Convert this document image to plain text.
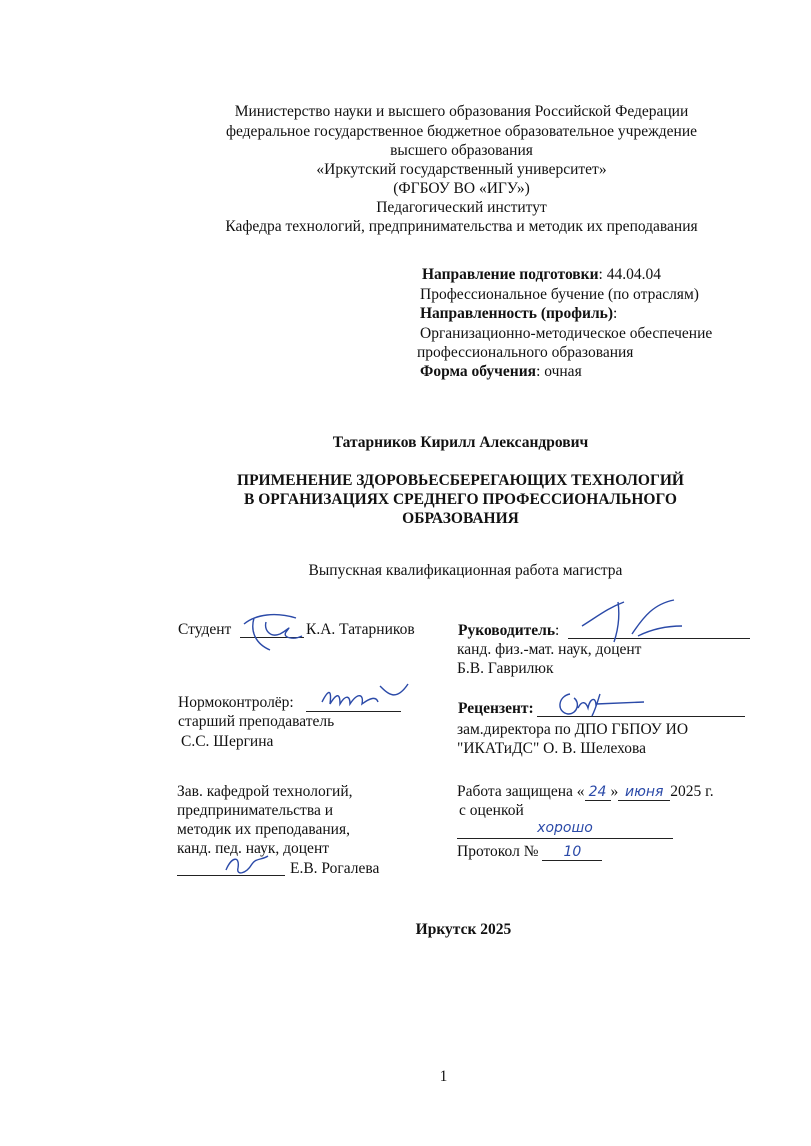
Министерство науки и высшего образования Российской Федерации
федеральное государственное бюджетное образовательное учреждение
высшего образования
«Иркутский государственный университет»
(ФГБОУ ВО «ИГУ»)
Педагогический институт
Кафедра технологий, предпринимательства и методик их преподавания
Направление подготовки: 44.04.04
Профессиональное бучение (по отраслям)
Направленность (профиль):
Организационно-методическое обеспечение
профессионального образования
Форма обучения: очная
Татарников Кирилл Александрович
ПРИМЕНЕНИЕ ЗДОРОВЬЕСБЕРЕГАЮЩИХ ТЕХНОЛОГИЙ
В ОРГАНИЗАЦИЯХ СРЕДНЕГО ПРОФЕССИОНАЛЬНОГО
ОБРАЗОВАНИЯ
Выпускная квалификационная работа магистра
Студент	К.А. Татарников
Нормоконтролёр:
старший преподаватель
С.С. Шергина
Зав. кафедрой технологий,
предпринимательства и
методик их преподавания,
канд. пед. наук, доцент
Е.В. Рогалева
Руководитель:
канд. физ.-мат. наук, доцент
Б.В. Гаврилюк
Рецензент:
зам.директора по ДПО ГБПОУ ИО
"ИКАТиДС" О. В. Шелехова
Работа защищена « 24 » июня 2025 г.
с оценкой
хорошо
Протокол № 10
Иркутск 2025
1
